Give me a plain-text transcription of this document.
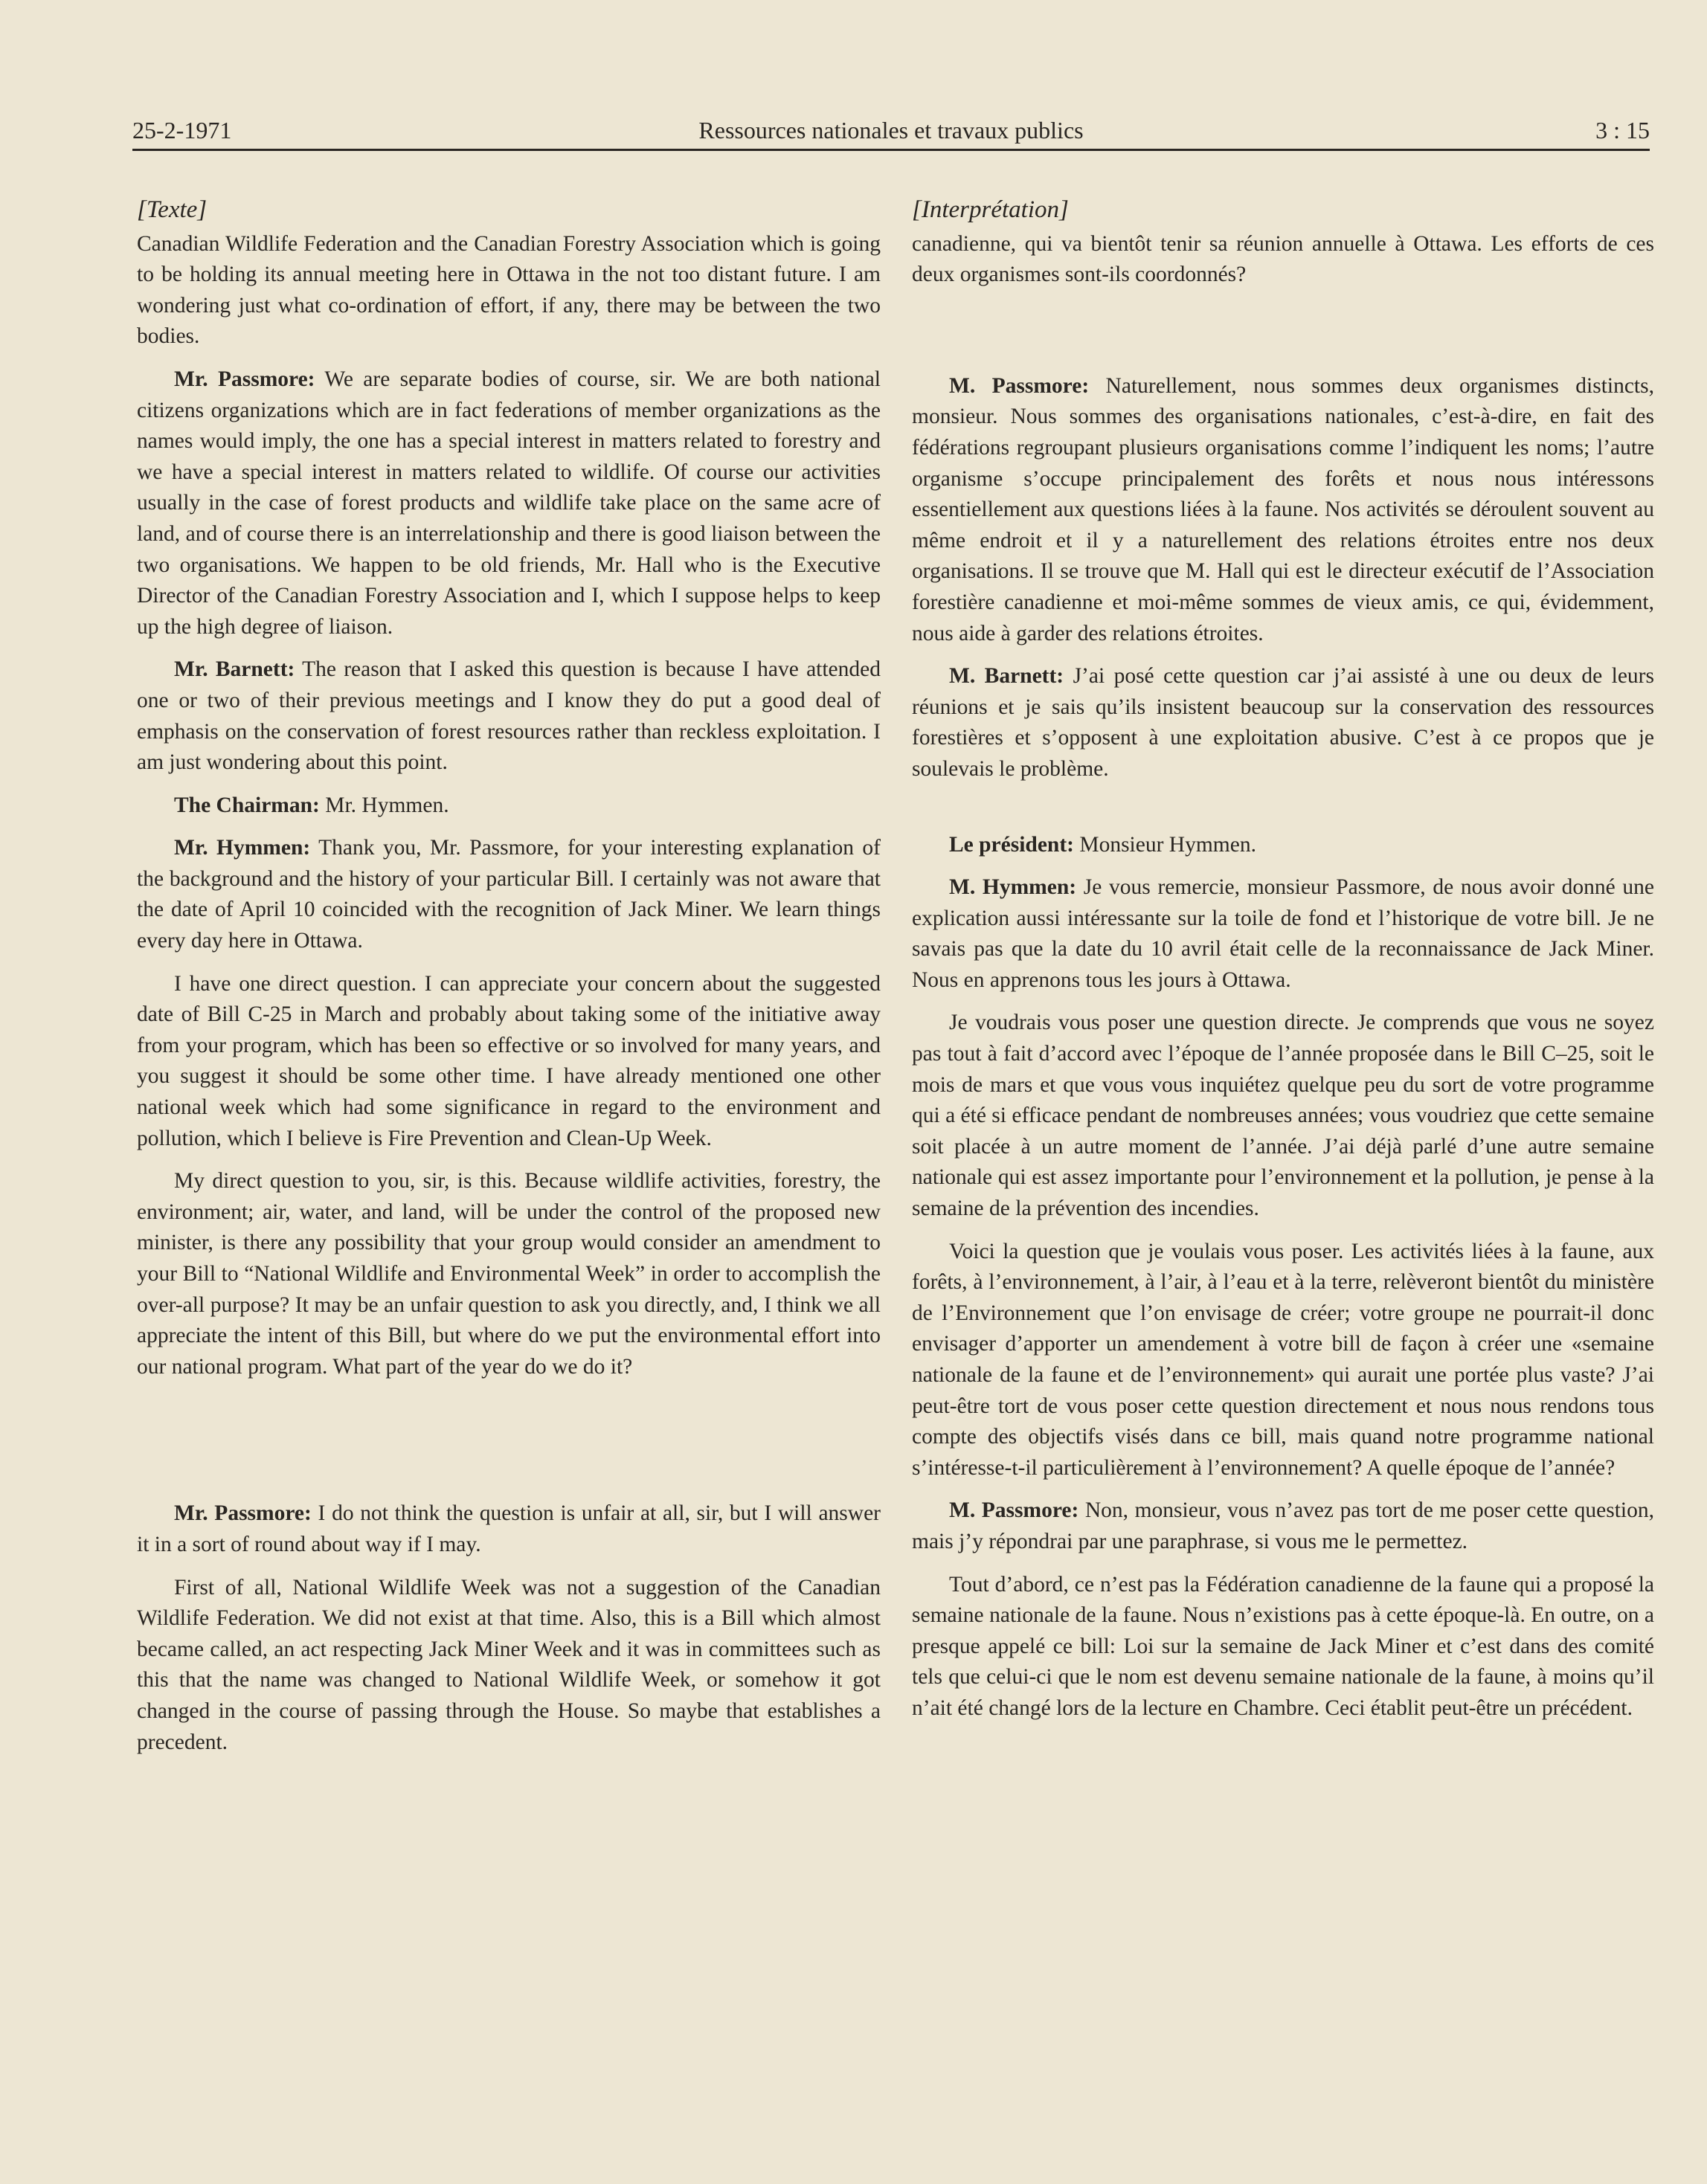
25-2-1971	Ressources nationales et travaux publics	3 : 15

[Texte]

Canadian Wildlife Federation and the Canadian Forestry Association which is going to be holding its annual meeting here in Ottawa in the not too distant future. I am wondering just what co-ordination of effort, if any, there may be between the two bodies.

Mr. Passmore: We are separate bodies of course, sir. We are both national citizens organizations which are in fact federations of member organizations as the names would imply, the one has a special interest in matters related to forestry and we have a special interest in matters related to wildlife. Of course our activities usually in the case of forest products and wildlife take place on the same acre of land, and of course there is an interrelationship and there is good liaison between the two organisations. We happen to be old friends, Mr. Hall who is the Executive Director of the Canadian Forestry Association and I, which I suppose helps to keep up the high degree of liaison.

Mr. Barnett: The reason that I asked this question is because I have attended one or two of their previous meetings and I know they do put a good deal of emphasis on the conservation of forest resources rather than reckless exploitation. I am just wondering about this point.

The Chairman: Mr. Hymmen.

Mr. Hymmen: Thank you, Mr. Passmore, for your interesting explanation of the background and the history of your particular Bill. I certainly was not aware that the date of April 10 coincided with the recognition of Jack Miner. We learn things every day here in Ottawa.

I have one direct question. I can appreciate your concern about the suggested date of Bill C-25 in March and probably about taking some of the initiative away from your program, which has been so effective or so involved for many years, and you suggest it should be some other time. I have already mentioned one other national week which had some significance in regard to the environment and pollution, which I believe is Fire Prevention and Clean-Up Week.

My direct question to you, sir, is this. Because wildlife activities, forestry, the environment; air, water, and land, will be under the control of the proposed new minister, is there any possibility that your group would consider an amendment to your Bill to “National Wildlife and Environmental Week” in order to accomplish the over-all purpose? It may be an unfair question to ask you directly, and, I think we all appreciate the intent of this Bill, but where do we put the environmental effort into our national program. What part of the year do we do it?

Mr. Passmore: I do not think the question is unfair at all, sir, but I will answer it in a sort of round about way if I may.

First of all, National Wildlife Week was not a suggestion of the Canadian Wildlife Federation. We did not exist at that time. Also, this is a Bill which almost became called, an act respecting Jack Miner Week and it was in committees such as this that the name was changed to National Wildlife Week, or somehow it got changed in the course of passing through the House. So maybe that establishes a precedent.

[Interprétation]

canadienne, qui va bientôt tenir sa réunion annuelle à Ottawa. Les efforts de ces deux organismes sont-ils coordonnés?

M. Passmore: Naturellement, nous sommes deux organismes distincts, monsieur. Nous sommes des organisations nationales, c’est-à-dire, en fait des fédérations regroupant plusieurs organisations comme l’indiquent les noms; l’autre organisme s’occupe principalement des forêts et nous nous intéressons essentiellement aux questions liées à la faune. Nos activités se déroulent souvent au même endroit et il y a naturellement des relations étroites entre nos deux organisations. Il se trouve que M. Hall qui est le directeur exécutif de l’Association forestière canadienne et moi-même sommes de vieux amis, ce qui, évidemment, nous aide à garder des relations étroites.

M. Barnett: J’ai posé cette question car j’ai assisté à une ou deux de leurs réunions et je sais qu’ils insistent beaucoup sur la conservation des ressources forestières et s’opposent à une exploitation abusive. C’est à ce propos que je soulevais le problème.

Le président: Monsieur Hymmen.

M. Hymmen: Je vous remercie, monsieur Passmore, de nous avoir donné une explication aussi intéressante sur la toile de fond et l’historique de votre bill. Je ne savais pas que la date du 10 avril était celle de la reconnaissance de Jack Miner. Nous en apprenons tous les jours à Ottawa.

Je voudrais vous poser une question directe. Je comprends que vous ne soyez pas tout à fait d’accord avec l’époque de l’année proposée dans le Bill C–25, soit le mois de mars et que vous vous inquiétez quelque peu du sort de votre programme qui a été si efficace pendant de nombreuses années; vous voudriez que cette semaine soit placée à un autre moment de l’année. J’ai déjà parlé d’une autre semaine nationale qui est assez importante pour l’environnement et la pollution, je pense à la semaine de la prévention des incendies.

Voici la question que je voulais vous poser. Les activités liées à la faune, aux forêts, à l’environnement, à l’air, à l’eau et à la terre, relèveront bientôt du ministère de l’Environnement que l’on envisage de créer; votre groupe ne pourrait-il donc envisager d’apporter un amendement à votre bill de façon à créer une «semaine nationale de la faune et de l’environnement» qui aurait une portée plus vaste? J’ai peut-être tort de vous poser cette question directement et nous nous rendons tous compte des objectifs visés dans ce bill, mais quand notre programme national s’intéresse-t-il particulièrement à l’environnement? A quelle époque de l’année?

M. Passmore: Non, monsieur, vous n’avez pas tort de me poser cette question, mais j’y répondrai par une paraphrase, si vous me le permettez.

Tout d’abord, ce n’est pas la Fédération canadienne de la faune qui a proposé la semaine nationale de la faune. Nous n’existions pas à cette époque-là. En outre, on a presque appelé ce bill: Loi sur la semaine de Jack Miner et c’est dans des comité tels que celui-ci que le nom est devenu semaine nationale de la faune, à moins qu’il n’ait été changé lors de la lecture en Chambre. Ceci établit peut-être un précédent.
